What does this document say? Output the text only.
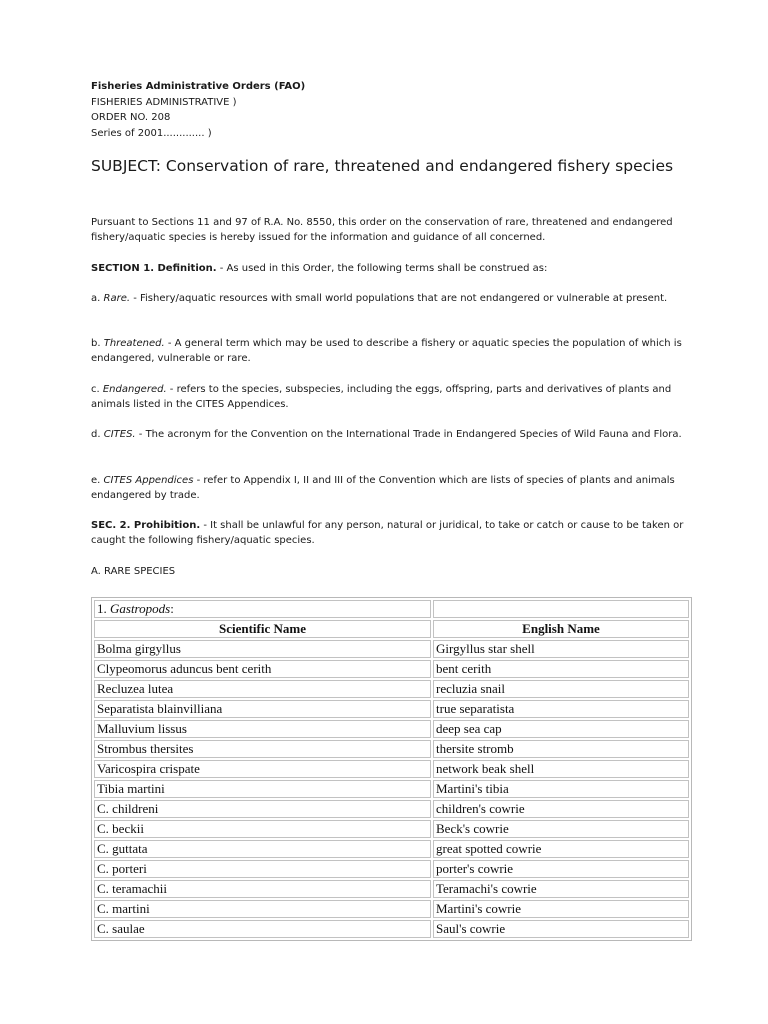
Fisheries Administrative Orders (FAO)
FISHERIES ADMINISTRATIVE )
ORDER NO. 208
Series of 2001............. )
SUBJECT: Conservation of rare, threatened and endangered fishery species

Pursuant to Sections 11 and 97 of R.A. No. 8550, this order on the conservation of rare, threatened and endangered fishery/aquatic species is hereby issued for the information and guidance of all concerned.

SECTION 1. Definition. - As used in this Order, the following terms shall be construed as:

a. Rare. - Fishery/aquatic resources with small world populations that are not endangered or vulnerable at present.

b. Threatened. - A general term which may be used to describe a fishery or aquatic species the population of which is endangered, vulnerable or rare.

c. Endangered. - refers to the species, subspecies, including the eggs, offspring, parts and derivatives of plants and animals listed in the CITES Appendices.

d. CITES. - The acronym for the Convention on the International Trade in Endangered Species of Wild Fauna and Flora.

e. CITES Appendices - refer to Appendix I, II and III of the Convention which are lists of species of plants and animals endangered by trade.

SEC. 2. Prohibition. - It shall be unlawful for any person, natural or juridical, to take or catch or cause to be taken or caught the following fishery/aquatic species.

A. RARE SPECIES

1. Gastropods:	
Scientific Name	English Name
Bolma girgyllus	Girgyllus star shell
Clypeomorus aduncus bent cerith	bent cerith
Recluzea lutea	recluzia snail
Separatista blainvilliana	true separatista
Malluvium lissus	deep sea cap
Strombus thersites	thersite stromb
Varicospira crispate	network beak shell
Tibia martini	Martini's tibia
C. childreni	children's cowrie
C. beckii	Beck's cowrie
C. guttata	great spotted cowrie
C. porteri	porter's cowrie
C. teramachii	Teramachi's cowrie
C. martini	Martini's cowrie
C. saulae	Saul's cowrie
